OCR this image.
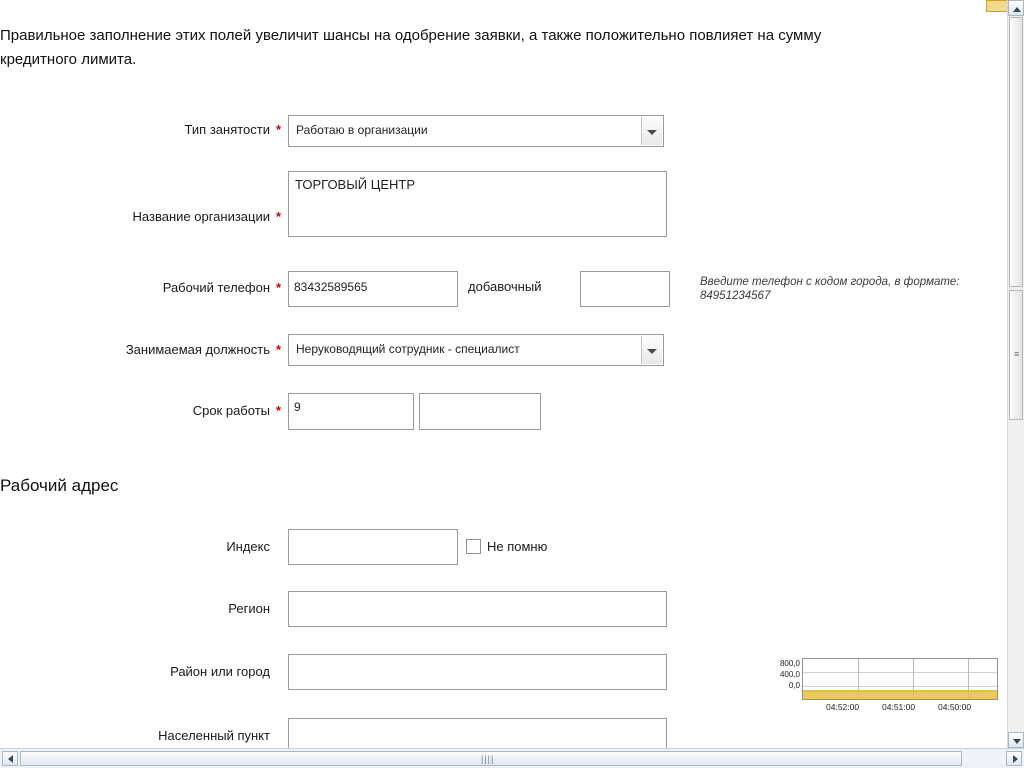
Правильное заполнение этих полей увеличит шансы на одобрение заявки, а также положительно повлияет на сумму
кредитного лимита.
Тип занятости *	Работаю в организации
Название организации *
ТОРГОВЫЙ ЦЕНТР
Рабочий телефон *	83432589565	добавочный	Ввeдите телефон с кодом города, в формате:
84951234567
Занимаемая должность *	Неруководящий сотрудник - специалист
Срок работы *	9
Рабочий адрес
Индекс	Не помню
Регион
Район или город
Населенный пункт
800,0
400,0
0,0
04:52:00	04:51:00	04:50:00
≡
||||
